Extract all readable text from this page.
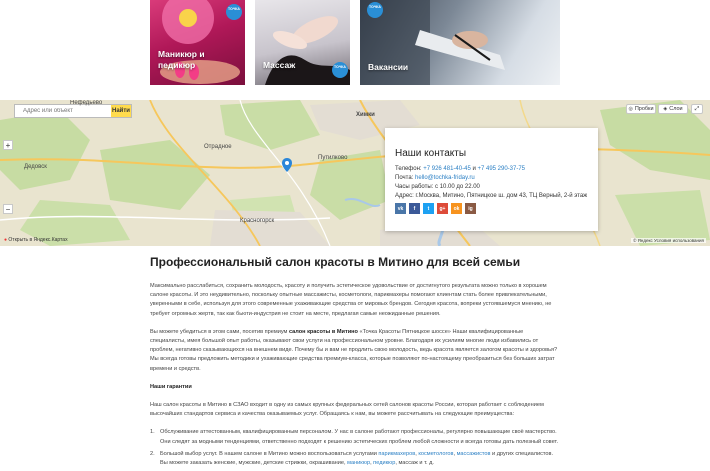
Маникюр и
педикюр
ТОЧКА
Массаж	ТОЧКА	Вакансии
ТОЧКА
Адрес или объект
Найти	◎ Пробки ◈ Слои ⤢
+
−
Химки
Дедовск
Красногорск
Отрадное
Путилково
Нефедьево
● Открыть в Яндекс.Картах	© Яндекс Условия использования
Наши контакты

Телефон: +7 926 481-40-45 и +7 495 290-37-75

Почта: hello@tochka-friday.ru

Часы работы: с 10.00 до 22.00

Адрес: г.Москва, Митино, Пятницкое ш. дом 43, ТЦ Верный, 2-й этаж

vk	f	t	g+	ok	ig
Профессиональный салон красоты в Митино для всей семьи

Максимально расслабиться, сохранить молодость, красоту и получить эстетическое удовольствие от достигнутого результата можно только в хорошем салоне красоты. И это неудивительно, поскольку опытные массажисты, косметологи, парикмахеры помогают клиентам стать более привлекательными, уверенными в себе, используя для этого современные ухаживающие средства от мировых брендов. Сегодня красота, вопреки устоявшемуся мнению, не требует огромных жертв, так как бьюти-индустрия не стоит на месте, предлагая самые неожиданные решения.

Вы можете убедиться в этом сами, посетив премиум салон красоты в Митино «Точка Красоты Пятницкое шоссе» Наши квалифицированные специалисты, имея большой опыт работы, оказывают свои услуги на профессиональном уровне. Благодаря их усилиям многие люди избавились от проблем, негативно сказывающихся на внешнем виде. Почему бы и вам не продлить свою молодость, ведь красота является залогом красоты и здоровья? Мы всегда готовы предложить методики и ухаживающие средства премиум-класса, которые позволяют по-настоящему преобразиться без больших затрат времени и средств.

Наши гарантии

Наш салон красоты в Митино в СЗАО входит в одну из самых крупных федеральных сетей салонов красоты России, которая работает с соблюдением высочайших стандартов сервиса и качества оказываемых услуг. Обращаясь к нам, вы можете рассчитывать на следующие преимущества:

1. Обслуживание аттестованным, квалифицированным персоналом. У нас в салоне работают профессионалы, регулярно повышающие своё мастерство. Они следят за модными тенденциями, ответственно подходят к решению эстетических проблем любой сложности и всегда готовы дать полезный совет.
2. Большой выбор услуг. В нашем салоне в Митино можно воспользоваться услугами парикмахеров, косметологов, массажистов и других специалистов. Вы можете заказать женские, мужские, детские стрижки, окрашивание, маникюр, педикюр, массаж и т. д.
